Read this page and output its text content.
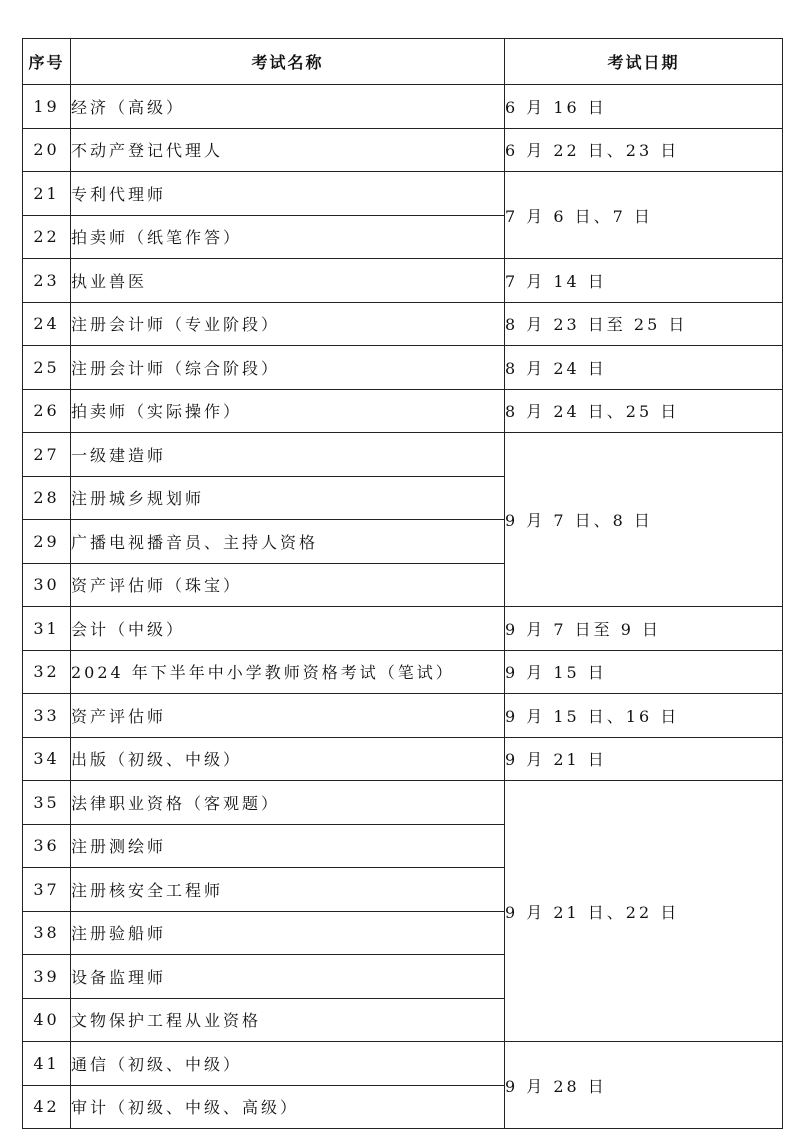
序号	考试名称	考试日期
19	经济（高级）	6 月 16 日
20	不动产登记代理人	6 月 22 日、23 日
21	专利代理师	7 月 6 日、7 日
22	拍卖师（纸笔作答）	
23	执业兽医	7 月 14 日
24	注册会计师（专业阶段）	8 月 23 日至 25 日
25	注册会计师（综合阶段）	8 月 24 日
26	拍卖师（实际操作）	8 月 24 日、25 日
27	一级建造师	9 月 7 日、8 日
28	注册城乡规划师	
29	广播电视播音员、主持人资格	
30	资产评估师（珠宝）	
31	会计（中级）	9 月 7 日至 9 日
32	2024 年下半年中小学教师资格考试（笔试）	9 月 15 日
33	资产评估师	9 月 15 日、16 日
34	出版（初级、中级）	9 月 21 日
35	法律职业资格（客观题）	9 月 21 日、22 日
36	注册测绘师	
37	注册核安全工程师	
38	注册验船师	
39	设备监理师	
40	文物保护工程从业资格	
41	通信（初级、中级）	9 月 28 日
42	审计（初级、中级、高级）	
